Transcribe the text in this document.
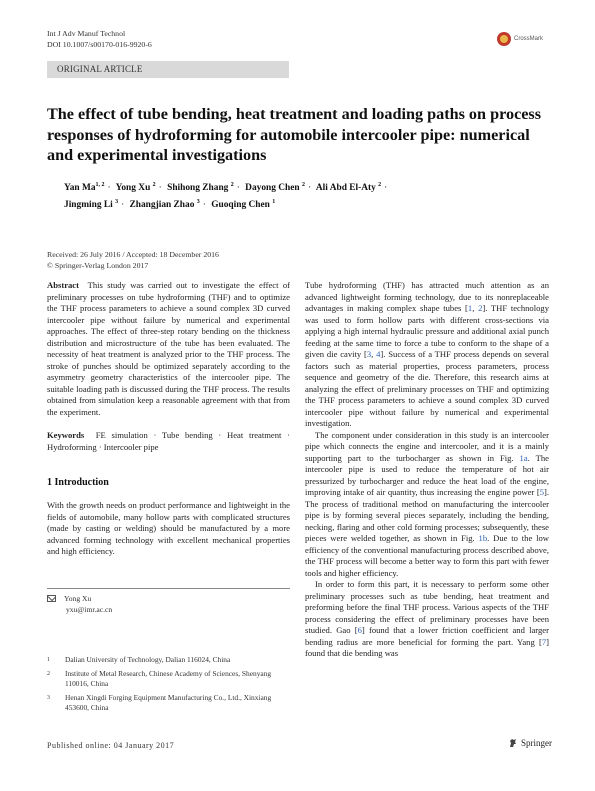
Int J Adv Manuf Technol
DOI 10.1007/s00170-016-9920-6
CrossMark
ORIGINAL ARTICLE
The effect of tube bending, heat treatment and loading paths on process responses of hydroforming for automobile intercooler pipe: numerical and experimental investigations
Yan Ma$^{1, 2}$ · Yong Xu $^2$ · Shihong Zhang $^2$ · Dayong Chen $^2$ · Ali Abd El-Aty $^2$ ·
Jingming Li $^3$ · Zhangjian Zhao $^3$ · Guoqing Chen $^1$
Received: 26 July 2016 / Accepted: 18 December 2016
© Springer-Verlag London 2017

Abstract This study was carried out to investigate the effect of preliminary processes on tube hydroforming (THF) and to optimize the THF process parameters to achieve a sound complex 3D curved intercooler pipe without failure by numerical and experimental approaches. The effect of three-step rotary bending on the thickness distribution and microstructure of the tube has been evaluated. The necessity of heat treatment is analyzed prior to the THF process. The stroke of punches should be optimized separately according to the asymmetry geometry characteristics of the intercooler pipe. The suitable loading path is discussed during the THF process. The results obtained from simulation keep a reasonable agreement with that from the experiment.

Keywords FE simulation · Tube bending · Heat treatment · Hydroforming · Intercooler pipe

1 Introduction

With the growth needs on product performance and lightweight in the fields of automobile, many hollow parts with complicated structures (made by casting or welding) should be manufactured by a more advanced forming technology with excellent mechanical properties and high efficiency.

Yong Xu
yxu@imr.ac.cn
1	Dalian University of Technology, Dalian 116024, China
2	Institute of Metal Research, Chinese Academy of Sciences, Shenyang 110016, China
3	Henan Xingdi Forging Equipment Manufacturing Co., Ltd., Xinxiang 453600, China

Tube hydroforming (THF) has attracted much attention as an advanced lightweight forming technology, due to its nonreplaceable advantages in making complex shape tubes [1, 2]. THF technology was used to form hollow parts with different cross-sections via applying a high internal hydraulic pressure and additional axial punch feeding at the same time to force a tube to conform to the shape of a given die cavity [3, 4]. Success of a THF process depends on several factors such as material properties, process parameters, process sequence and geometry of the die. Therefore, this research aims at analyzing the effect of preliminary processes on THF and optimizing the THF process parameters to achieve a sound complex 3D curved intercooler pipe without failure by numerical and experimental investigation.

The component under consideration in this study is an intercooler pipe which connects the engine and intercooler, and it is a mainly supporting part to the turbocharger as shown in Fig. 1a. The intercooler pipe is used to reduce the temperature of hot air pressurized by turbocharger and reduce the heat load of the engine, improving intake of air quantity, thus increasing the engine power [5]. The process of traditional method on manufacturing the intercooler pipe is by forming several pieces separately, including the bending, necking, flaring and other cold forming processes; subsequently, these pieces were welded together, as shown in Fig. 1b. Due to the low efficiency of the conventional manufacturing process described above, the THF process will become a better way to form this part with fewer tools and higher efficiency.

In order to form this part, it is necessary to perform some other preliminary processes such as tube bending, heat treatment and preforming before the final THF process. Various aspects of the THF process considering the effect of preliminary processes have been studied. Gao [6] found that a lower friction coefficient and larger bending radius are more beneficial for forming the part. Yang [7] found that die bending was

Published online: 04 January 2017	Springer
